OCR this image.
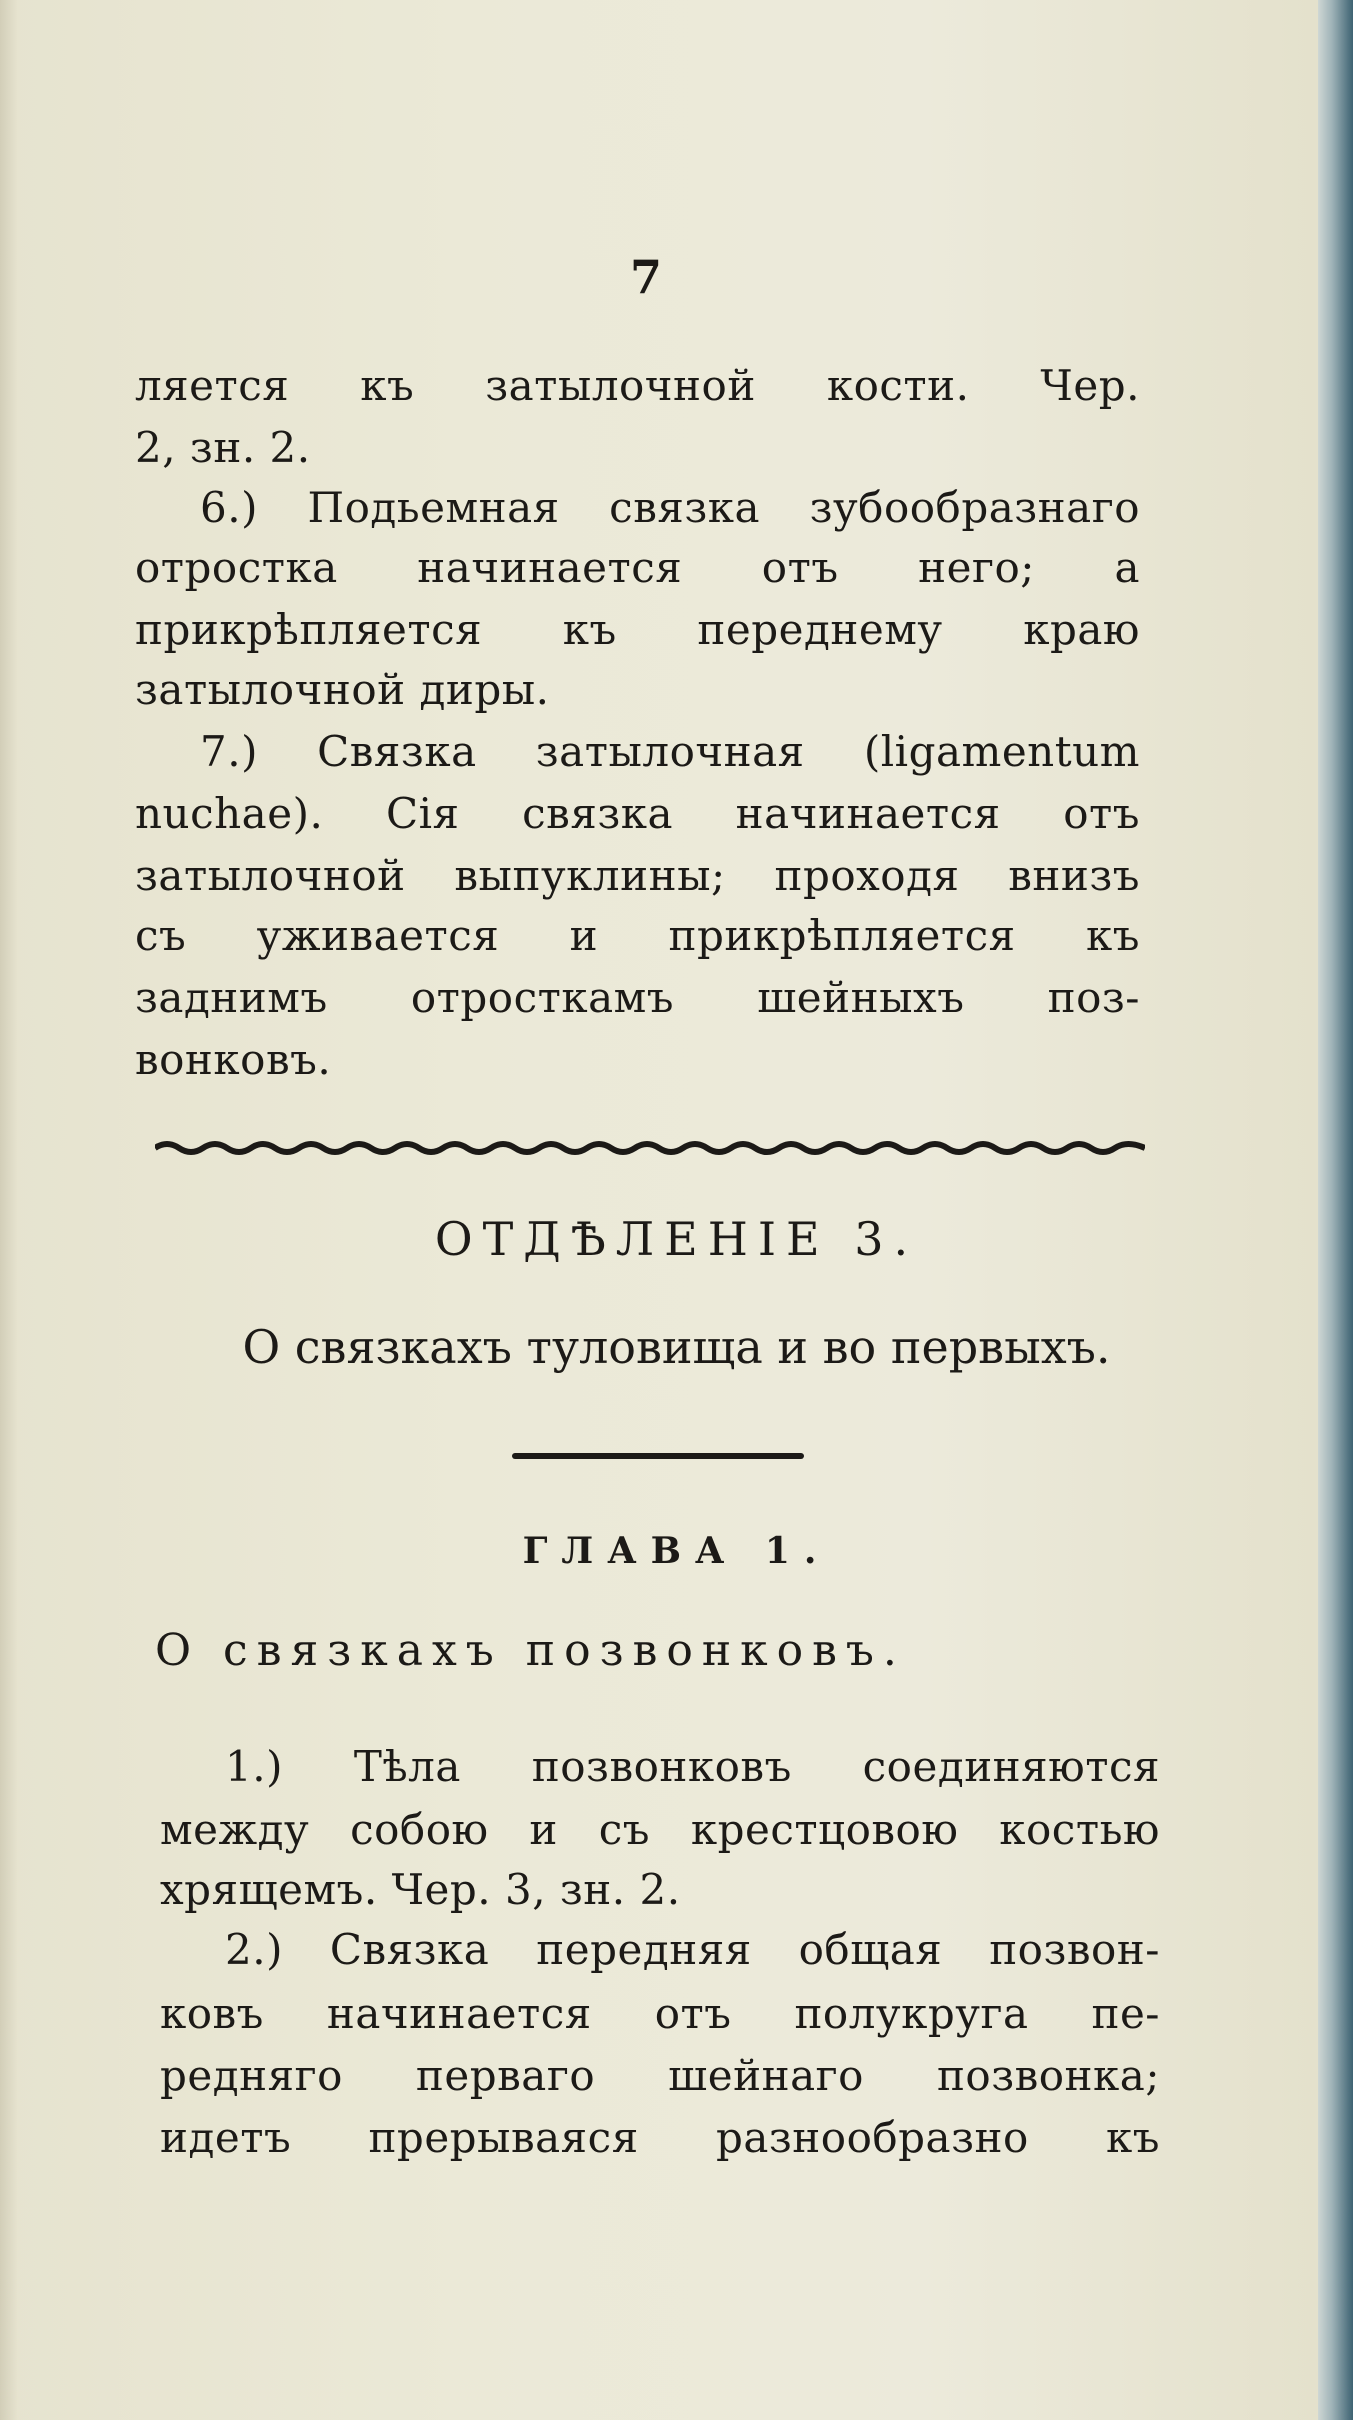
7
ляется къ затылочной кости. Чер.
2, зн. 2.
6.) Подьемная связка зубообразнаго
отростка начинается отъ него; а
прикрѣпляется къ переднему краю
затылочной диры.
7.) Связка затылочная (ligamentum
nuchae). Сія связка начинается отъ
затылочной выпуклины; проходя внизъ
съ уживается и прикрѣпляется къ
заднимъ отросткамъ шейныхъ поз-
вонковъ.
ОТДѢЛЕНІЕ 3.
О связкахъ туловища и во первыхъ.
ГЛАВА 1.
О связкахъ позвонковъ.
1.) Тѣла позвонковъ соединяются
между собою и съ крестцовою костью
хрящемъ. Чер. 3, зн. 2.
2.) Связка передняя общая позвон-
ковъ начинается отъ полукруга пе-
редняго перваго шейнаго позвонка;
идетъ прерываяся разнообразно къ
